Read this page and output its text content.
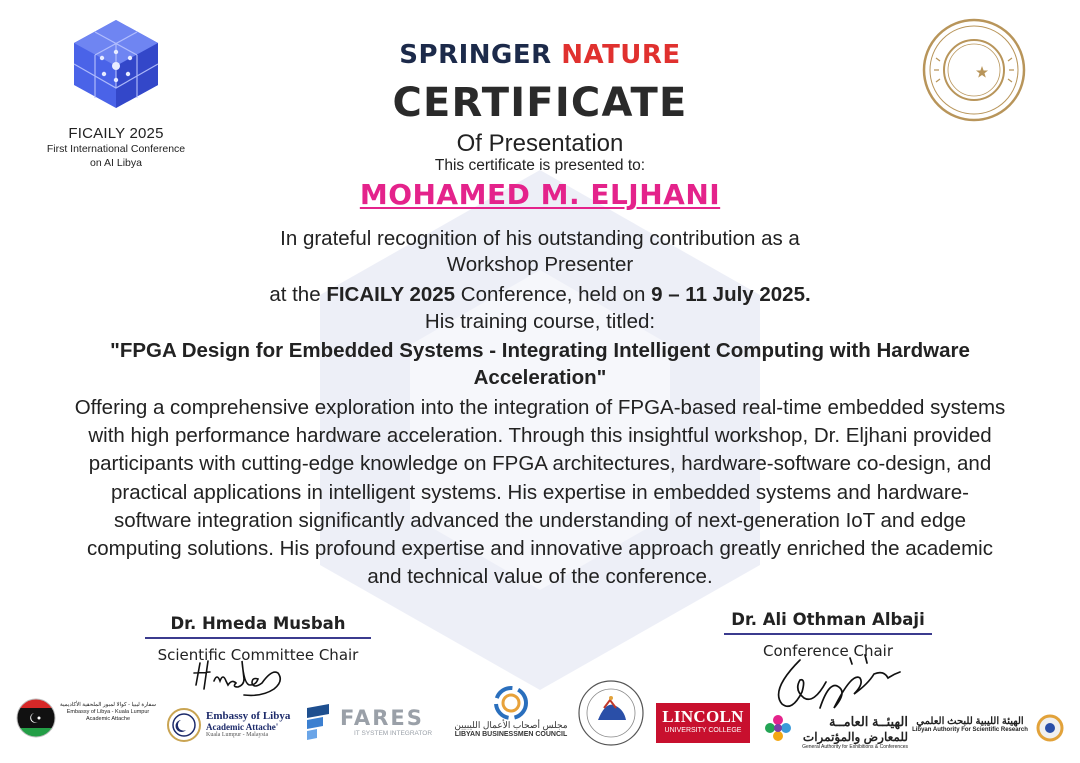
FICAILY 2025
First International Conference
on AI Libya
SPRINGER NATURE
CERTIFICATE
Of Presentation
This certificate is presented to:
MOHAMED M. ELJHANI
In grateful recognition of his outstanding contribution as a
Workshop Presenter
at the FICAILY 2025 Conference, held on 9 – 11 July 2025.
His training course, titled:
"FPGA Design for Embedded Systems - Integrating Intelligent Computing with Hardware
Acceleration"
Offering a comprehensive exploration into the integration of FPGA-based real-time embedded systems
with high performance hardware acceleration. Through this insightful workshop, Dr. Eljhani provided
participants with cutting-edge knowledge on FPGA architectures, hardware-software co-design, and
practical applications in intelligent systems. His expertise in embedded systems and hardware-
software integration significantly advanced the understanding of next-generation IoT and edge
computing solutions. His profound expertise and innovative approach greatly enriched the academic
and technical value of the conference.
Dr. Hmeda Musbah
Scientific Committee Chair
Dr. Ali Othman Albaji
Conference Chair
سفارة ليبيا - كوالا لمبور الملحقية الأكاديمية
Embassy of Libya - Kuala Lumpur
Academic Attache	Embassy of Libya
Academic Attache'
Kuala Lumpur - Malaysia
FARES
IT SYSTEM INTEGRATOR
مجلس أصحاب الأعمال الليبيين
LIBYAN BUSINESSMEN COUNCIL
LINCOLN
UNIVERSITY COLLEGE
الهيئــة العامــة
للمعارض والمؤتمرات
General Authority for Exhibitions & Conferences
الهيئة الليبية للبحث العلمي
Libyan Authority For Scientific Research
